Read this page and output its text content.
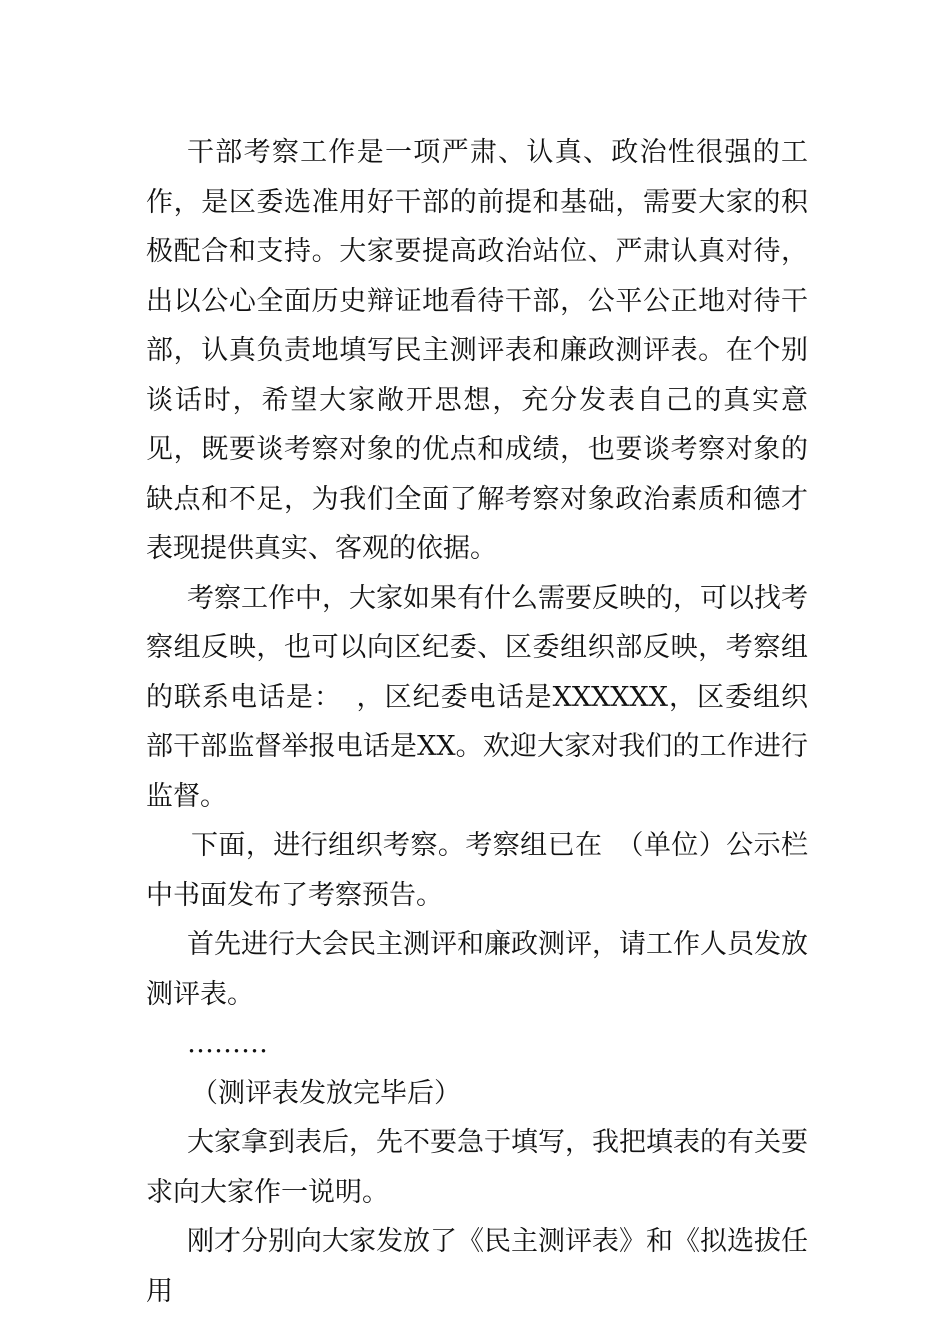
干部考察工作是一项严肃、认真、政治性很强的工作，是区委选准用好干部的前提和基础，需要大家的积极配合和支持。大家要提高政治站位、严肃认真对待，出以公心全面历史辩证地看待干部，公平公正地对待干部，认真负责地填写民主测评表和廉政测评表。在个别谈话时，希望大家敞开思想，充分发表自己的真实意见，既要谈考察对象的优点和成绩，也要谈考察对象的缺点和不足，为我们全面了解考察对象政治素质和德才表现提供真实、客观的依据。

考察工作中，大家如果有什么需要反映的，可以找考察组反映，也可以向区纪委、区委组织部反映，考察组的联系电话是：　，区纪委电话是XXXXXX，区委组织部干部监督举报电话是XX。欢迎大家对我们的工作进行监督。

下面，进行组织考察。考察组已在　（单位）公示栏中书面发布了考察预告。

首先进行大会民主测评和廉政测评，请工作人员发放测评表。

………

（测评表发放完毕后）

大家拿到表后，先不要急于填写，我把填表的有关要求向大家作一说明。

刚才分别向大家发放了《民主测评表》和《拟选拔任用
